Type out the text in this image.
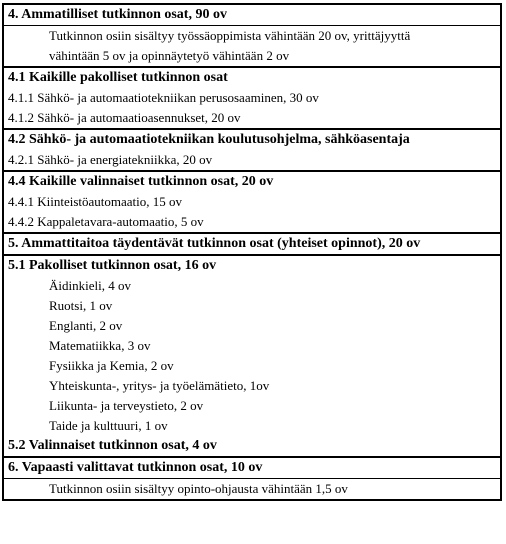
4. Ammatilliset tutkinnon osat, 90 ov
Tutkinnon osiin sisältyy työssäoppimista vähintään 20 ov, yrittäjyyttä
vähintään 5 ov ja opinnäytetyö vähintään 2 ov
4.1 Kaikille pakolliset tutkinnon osat
4.1.1 Sähkö- ja automaatiotekniikan perusosaaminen, 30 ov
4.1.2 Sähkö- ja automaatioasennukset, 20 ov
4.2 Sähkö- ja automaatiotekniikan koulutusohjelma, sähköasentaja
4.2.1 Sähkö- ja energiatekniikka, 20 ov
4.4 Kaikille valinnaiset tutkinnon osat, 20 ov
4.4.1 Kiinteistöautomaatio, 15 ov
4.4.2 Kappaletavara-automaatio, 5 ov
5. Ammattitaitoa täydentävät tutkinnon osat (yhteiset opinnot), 20 ov
5.1 Pakolliset tutkinnon osat, 16 ov
Äidinkieli, 4 ov
Ruotsi, 1 ov
Englanti, 2 ov
Matematiikka, 3 ov
Fysiikka ja Kemia, 2 ov
Yhteiskunta-, yritys- ja työelämätieto, 1ov
Liikunta- ja terveystieto, 2 ov
Taide ja kulttuuri, 1 ov
5.2 Valinnaiset tutkinnon osat, 4 ov
6. Vapaasti valittavat tutkinnon osat, 10 ov
Tutkinnon osiin sisältyy opinto-ohjausta vähintään 1,5 ov
